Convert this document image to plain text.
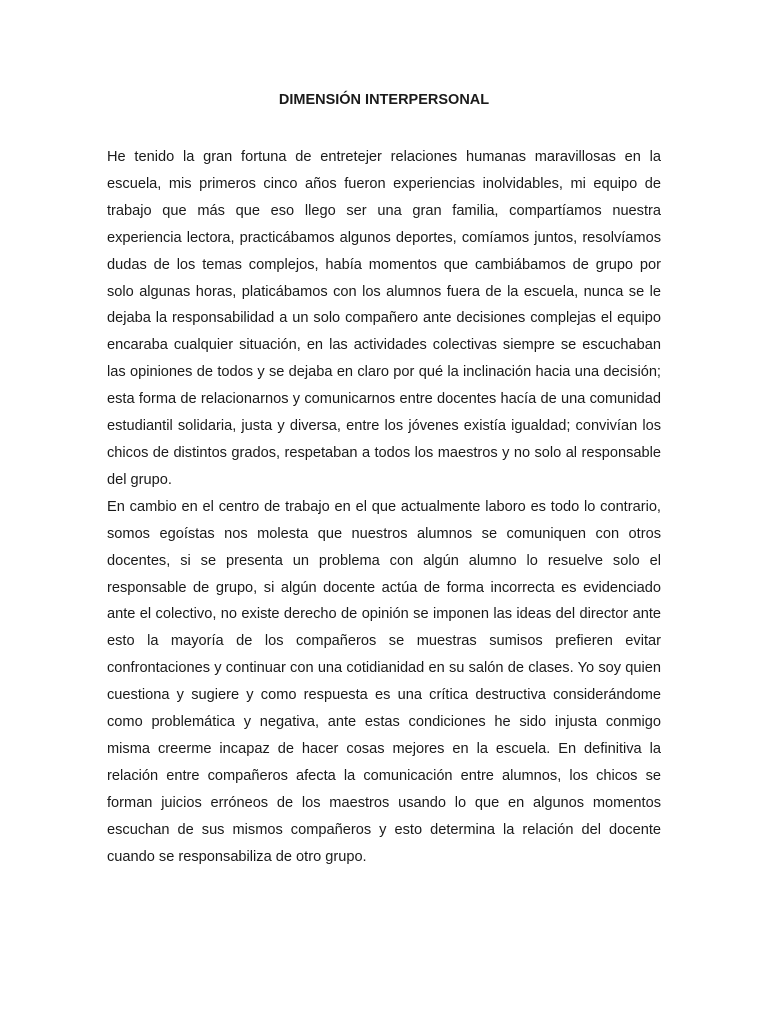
DIMENSIÓN INTERPERSONAL

He tenido la gran fortuna de entretejer relaciones humanas maravillosas en la escuela, mis primeros cinco años fueron experiencias inolvidables, mi equipo de trabajo que más que eso llego ser una gran familia, compartíamos nuestra experiencia lectora, practicábamos algunos deportes, comíamos juntos, resolvíamos dudas de los temas complejos, había momentos que cambiábamos de grupo por solo algunas horas, platicábamos con los alumnos fuera de la escuela, nunca se le dejaba la responsabilidad a un solo compañero ante decisiones complejas el equipo encaraba cualquier situación, en las actividades colectivas siempre se escuchaban las opiniones de todos y se dejaba en claro por qué la inclinación hacia una decisión; esta forma de relacionarnos y comunicarnos entre docentes hacía de una comunidad estudiantil solidaria, justa y diversa, entre los jóvenes existía igualdad; convivían los chicos de distintos grados, respetaban a todos los maestros y no solo al responsable del grupo.

En cambio en el centro de trabajo en el que actualmente laboro es todo lo contrario, somos egoístas nos molesta que nuestros alumnos se comuniquen con otros docentes, si se presenta un problema con algún alumno lo resuelve solo el responsable de grupo, si algún docente actúa de forma incorrecta es evidenciado ante el colectivo, no existe derecho de opinión se imponen las ideas del director ante esto la mayoría de los compañeros se muestras sumisos prefieren evitar confrontaciones y continuar con una cotidianidad en su salón de clases. Yo soy quien cuestiona y sugiere y como respuesta es una crítica destructiva considerándome como problemática y negativa, ante estas condiciones he sido injusta conmigo misma creerme incapaz de hacer cosas mejores en la escuela. En definitiva la relación entre compañeros afecta la comunicación entre alumnos, los chicos se forman juicios erróneos de los maestros usando lo que en algunos momentos escuchan de sus mismos compañeros y esto determina la relación del docente cuando se responsabiliza de otro grupo.
